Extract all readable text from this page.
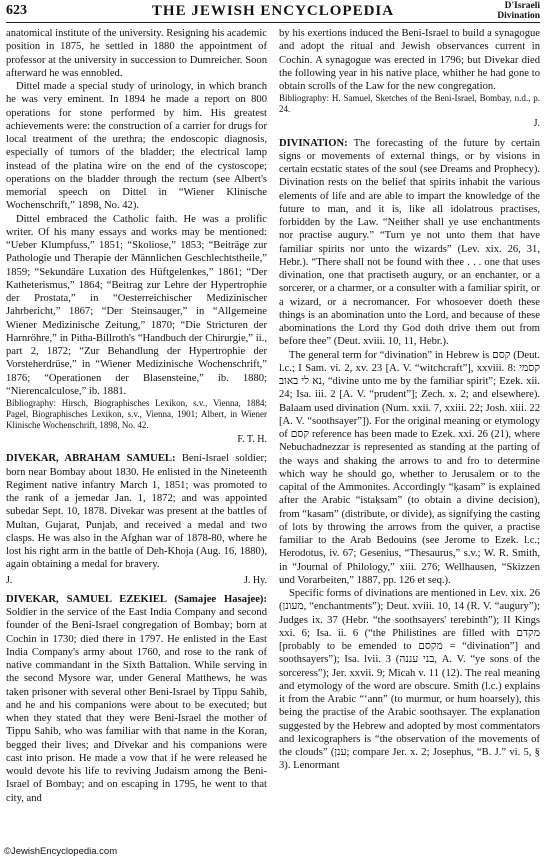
623	THE JEWISH ENCYCLOPEDIA	D'Israeli
Divination

anatomical institute of the university. Resigning his academic position in 1875, he settled in 1880 the appointment of professor at the university in succession to Dumreicher. Soon afterward he was ennobled.

Dittel made a special study of urinology, in which branch he was very eminent. In 1894 he made a report on 800 operations for stone performed by him. His greatest achievements were: the construction of a carrier for drugs for local treatment of the urethra; the endoscopic diagnosis, especially of tumors of the bladder; the electrical lamp instead of the platina wire on the end of the cystoscope; operations on the bladder through the rectum (see Albert's memorial speech on Dittel in “Wiener Klinische Wochenschrift,” 1898, No. 42).

Dittel embraced the Catholic faith. He was a prolific writer. Of his many essays and works may be mentioned: “Ueber Klumpfuss,” 1851; “Skoliose,” 1853; “Beiträge zur Pathologie und Therapie der Männlichen Geschlechtstheile,” 1859; “Sekundäre Luxation des Hüftgelenkes,” 1861; “Der Katheterismus,” 1864; “Beitrag zur Lehre der Hypertrophie der Prostata,” in “Oesterreichischer Medizinischer Jahrbericht,” 1867; “Der Steinsauger,” in “Allgemeine Wiener Medizinische Zeitung,” 1870; “Die Stricturen der Harnröhre,” in Pitha-Billroth's “Handbuch der Chirurgie,” ii., part 2, 1872; “Zur Behandlung der Hypertrophie der Vorsteherdrüse,” in “Wiener Medizinische Wochenschrift,” 1876; “Operationen der Blasensteine,” ib. 1880; “Nierencalculose,” ib. 1881.

Bibliography: Hirsch, Biographisches Lexikon, s.v., Vienna, 1884; Pagel, Biographisches Lexikon, s.v., Vienna, 1901; Albert, in Wiener Klinische Wochenschrift, 1898, No. 42.

F. T. H.

DIVEKAR, ABRAHAM SAMUEL: Beni-Israel soldier; born near Bombay about 1830. He enlisted in the Nineteenth Regiment native infantry March 1, 1851; was promoted to the rank of a jemedar Jan. 1, 1872; and was appointed subedar Sept. 10, 1878. Divekar was present at the battles of Multan, Gujarat, Punjab, and received a medal and two clasps. He was also in the Afghan war of 1878-80, where he lost his right arm in the battle of Deh-Khoja (Aug. 16, 1880), again obtaining a medal for bravery.

J.	J. Hy.

DIVEKAR, SAMUEL EZEKIEL (Samajee Hasajee): Soldier in the service of the East India Company and second founder of the Beni-Israel congregation of Bombay; born at Cochin in 1730; died there in 1797. He enlisted in the East India Company's army about 1760, and rose to the rank of native commandant in the Sixth Battalion. While serving in the second Mysore war, under General Matthews, he was taken prisoner with several other Beni-Israel by Tippu Sahib, and he and his companions were about to be executed; but when they stated that they were Beni-Israel the mother of Tippu Sahib, who was familiar with that name in the Koran, begged their lives; and Divekar and his companions were cast into prison. He made a vow that if he were released he would devote his life to reviving Judaism among the Beni-Israel of Bombay; and on escaping in 1795, he went to that city, and

by his exertions induced the Beni-Israel to build a synagogue and adopt the ritual and Jewish observances current in Cochin. A synagogue was erected in 1796; but Divekar died the following year in his native place, whither he had gone to obtain scrolls of the Law for the new congregation.

Bibliography: H. Samuel, Sketches of the Beni-Israel, Bombay, n.d., p. 24.

J.

DIVINATION: The forecasting of the future by certain signs or movements of external things, or by visions in certain ecstatic states of the soul (see Dreams and Prophecy). Divination rests on the belief that spirits inhabit the various elements of life and are able to impart the knowledge of the future to man, and it is, like all idolatrous practises, forbidden by the Law. “Neither shall ye use enchantments nor practise augury.” “Turn ye not unto them that have familiar spirits nor unto the wizards” (Lev. xix. 26, 31, Hebr.). “There shall not be found with thee . . . one that uses divination, one that practiseth augury, or an enchanter, or a sorcerer, or a charmer, or a consulter with a familiar spirit, or a wizard, or a necromancer. For whosoever doeth these things is an abomination unto the Lord, and because of these abominations the Lord thy God doth drive them out from before thee” (Deut. xviii. 10, 11, Hebr.).

The general term for “divination” in Hebrew is קסם (Deut. l.c.; I Sam. vi. 2, xv. 23 [A. V. “witchcraft”], xxviii. 8: קסמי נא לי באוב, “divine unto me by the familiar spirit”; Ezek. xii. 24; Isa. iii. 2 [A. V. “prudent”]; Zech. x. 2; and elsewhere). Balaam used divination (Num. xxii. 7, xxiii. 22; Josh. xiii. 22 [A. V. “soothsayer”]). For the original meaning or etymology of קסם reference has been made to Ezek. xxi. 26 (21), where Nebuchadnezzar is represented as standing at the parting of the ways and shaking the arrows to and fro to determine which way he should go, whether to Jerusalem or to the capital of the Ammonites. Accordingly “ḳasam” is explained after the Arabic “istaḳsam” (to obtain a divine decision), from “kasam” (distribute, or divide), as signifying the casting of lots by throwing the arrows from the quiver, a practise familiar to the Arab Bedouins (see Jerome to Ezek. l.c.; Herodotus, iv. 67; Gesenius, “Thesaurus,” s.v.; W. R. Smith, in “Journal of Philology,” xiii. 276; Wellhausen, “Skizzen und Vorarbeiten,” 1887, pp. 126 et seq.).

Specific forms of divinations are mentioned in Lev. xix. 26 (מעונן, “enchantments”); Deut. xviii. 10, 14 (R. V. “augury”); Judges ix. 37 (Hebr. “the soothsayers' terebinth”); II Kings xxi. 6; Isa. ii. 6 (“the Philistines are filled with מקדם [probably to be emended to מקסם = “divination”] and soothsayers”); Isa. lvii. 3 (בני עננה, A. V. “ye sons of the sorceress”); Jer. xxvii. 9; Micah v. 11 (12). The real meaning and etymology of the word are obscure. Smith (l.c.) explains it from the Arabic “‘ann” (to murmur, or hum hoarsely), this being the practise of the Arabic soothsayer. The explanation suggested by the Hebrew and adopted by most commentators and lexicographers is “the observation of the movements of the clouds” (ענן; compare Jer. x. 2; Josephus, “B. J.” vi. 5, § 3). Lenormant

©JewishEncyclopedia.com
